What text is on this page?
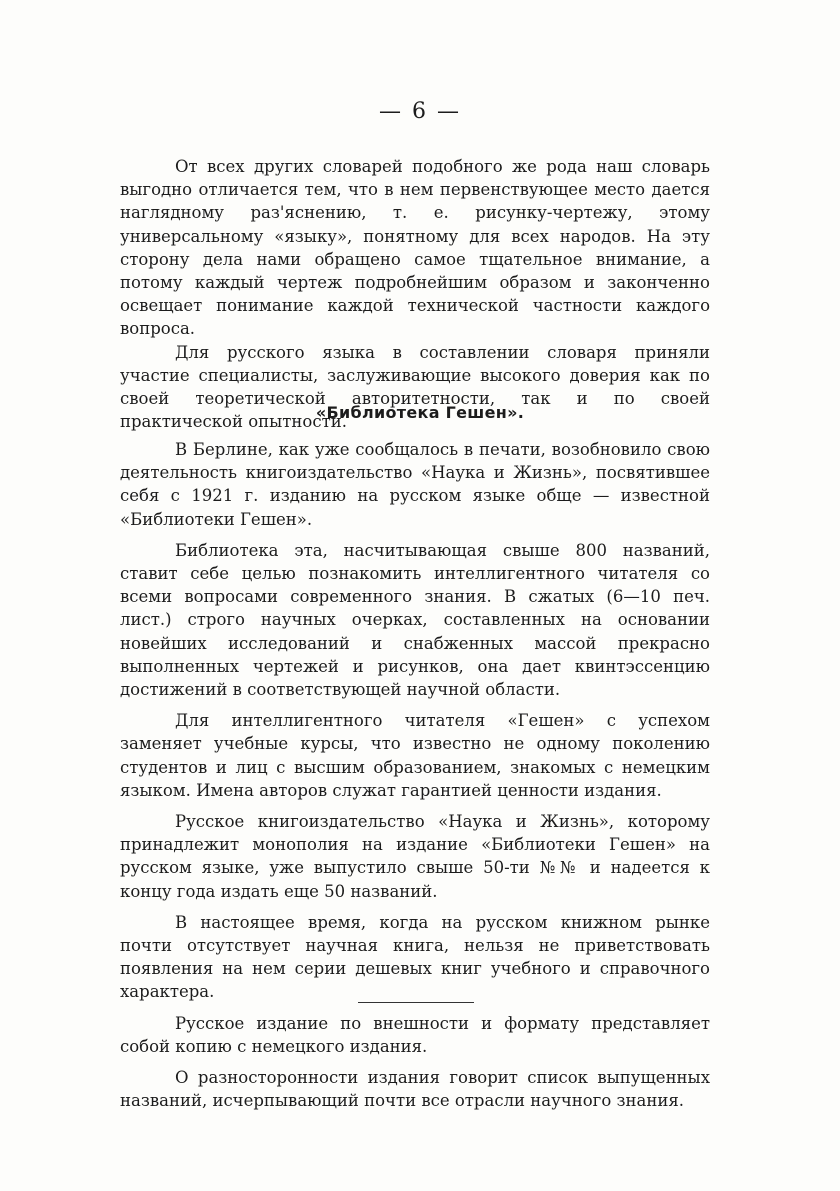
— 6 —

От всех других словарей подобного же рода наш словарь выгодно отличается тем, что в нем первенствующее место дается наглядному раз'яснению, т. е. рисунку-чертежу, этому универсальному «языку», понятному для всех народов. На эту сторону дела нами обращено самое тщательное внимание, а потому каждый чертеж подробнейшим образом и законченно освещает понимание каждой технической частности каждого вопроса.

Для русского языка в составлении словаря приняли участие специалисты, заслуживающие высокого доверия как по своей теоретической авторитетности, так и по своей практической опытности.

«Библиотека Гешен».

В Берлине, как уже сообщалось в печати, возобновило свою деятельность книгоиздательство «Наука и Жизнь», посвятившее себя с 1921 г. изданию на русском языке обще — известной «Библиотеки Гешен».

Библиотека эта, насчитывающая свыше 800 названий, ставит себе целью познакомить интеллигентного читателя со всеми вопросами современного знания. В сжатых (6—10 печ. лист.) строго научных очерках, составленных на основании новейших исследований и снабженных массой прекрасно выполненных чертежей и рисунков, она дает квинтэссенцию достижений в соответствующей научной области.

Для интеллигентного читателя «Гешен» с успехом заменяет учебные курсы, что известно не одному поколению студентов и лиц с высшим образованием, знакомых с немецким языком. Имена авторов служат гарантией ценности издания.

Русское книгоиздательство «Наука и Жизнь», которому принадлежит монополия на издание «Библиотеки Гешен» на русском языке, уже выпустило свыше 50-ти №№ и надеется к концу года издать еще 50 названий.

В настоящее время, когда на русском книжном рынке почти отсутствует научная книга, нельзя не приветствовать появления на нем серии дешевых книг учебного и справочного характера.

Русское издание по внешности и формату представляет собой копию с немецкого издания.

О разносторонности издания говорит список выпущенных названий, исчерпывающий почти все отрасли научного знания.
